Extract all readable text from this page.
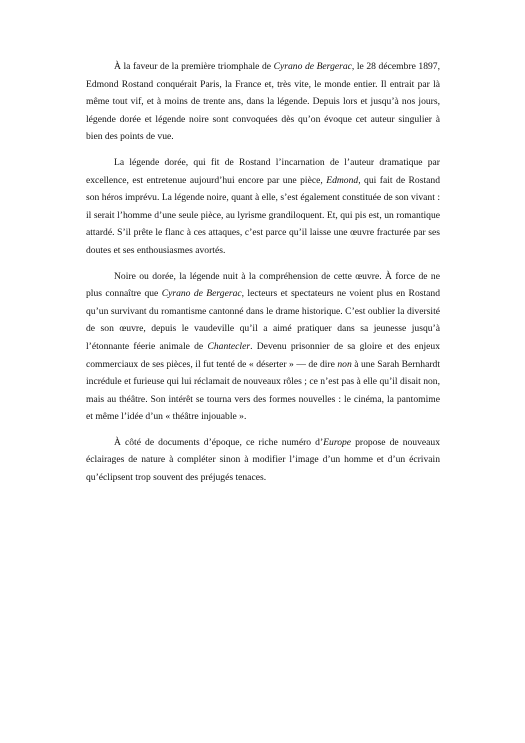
À la faveur de la première triomphale de Cyrano de Bergerac, le 28 décembre 1897, Edmond Rostand conquérait Paris, la France et, très vite, le monde entier. Il entrait par là même tout vif, et à moins de trente ans, dans la légende. Depuis lors et jusqu’à nos jours, légende dorée et légende noire sont convoquées dès qu’on évoque cet auteur singulier à bien des points de vue.

La légende dorée, qui fit de Rostand l’incarnation de l’auteur dramatique par excellence, est entretenue aujourd’hui encore par une pièce, Edmond, qui fait de Rostand son héros imprévu. La légende noire, quant à elle, s’est également constituée de son vivant : il serait l’homme d’une seule pièce, au lyrisme grandiloquent. Et, qui pis est, un romantique attardé. S’il prête le flanc à ces attaques, c’est parce qu’il laisse une œuvre fracturée par ses doutes et ses enthousiasmes avortés.

Noire ou dorée, la légende nuit à la compréhension de cette œuvre. À force de ne plus connaître que Cyrano de Bergerac, lecteurs et spectateurs ne voient plus en Rostand qu’un survivant du romantisme cantonné dans le drame historique. C’est oublier la diversité de son œuvre, depuis le vaudeville qu’il a aimé pratiquer dans sa jeunesse jusqu’à l’étonnante féerie animale de Chantecler. Devenu prisonnier de sa gloire et des enjeux commerciaux de ses pièces, il fut tenté de « déserter » — de dire non à une Sarah Bernhardt incrédule et furieuse qui lui réclamait de nouveaux rôles ; ce n’est pas à elle qu’il disait non, mais au théâtre. Son intérêt se tourna vers des formes nouvelles : le cinéma, la pantomime et même l’idée d’un « théâtre injouable ».

À côté de documents d’époque, ce riche numéro d’Europe propose de nouveaux éclairages de nature à compléter sinon à modifier l’image d’un homme et d’un écrivain qu’éclipsent trop souvent des préjugés tenaces.
